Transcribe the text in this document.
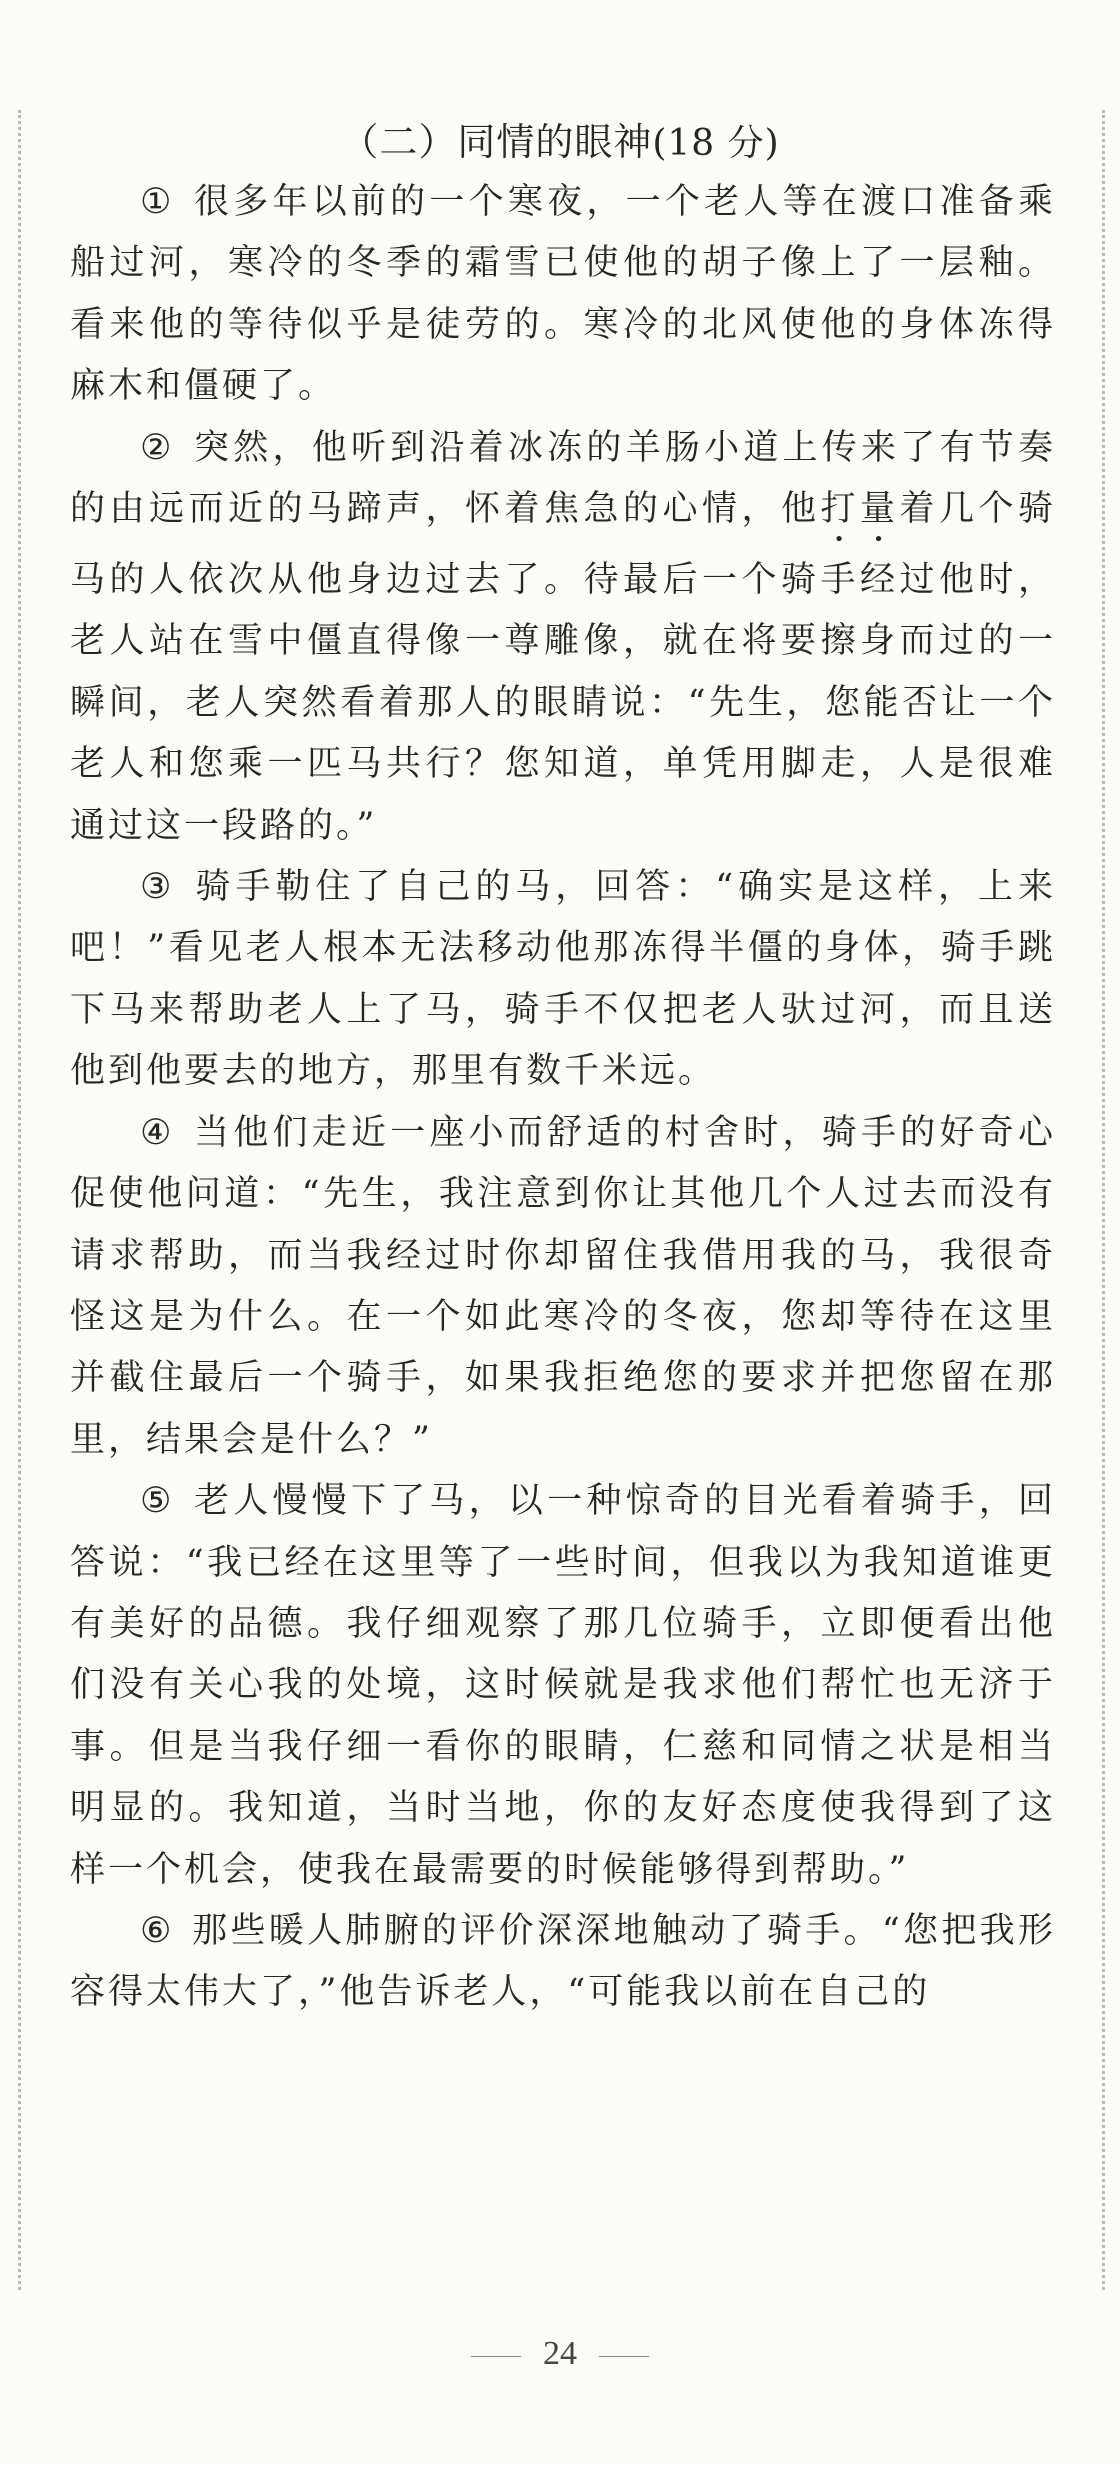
（二）同情的眼神(18 分)

① 很多年以前的一个寒夜，一个老人等在渡口准备乘船过河，寒冷的冬季的霜雪已使他的胡子像上了一层釉。看来他的等待似乎是徒劳的。寒冷的北风使他的身体冻得麻木和僵硬了。

② 突然，他听到沿着冰冻的羊肠小道上传来了有节奏的由远而近的马蹄声，怀着焦急的心情，他打量着几个骑马的人依次从他身边过去了。待最后一个骑手经过他时，老人站在雪中僵直得像一尊雕像，就在将要擦身而过的一瞬间，老人突然看着那人的眼睛说：“先生，您能否让一个老人和您乘一匹马共行？您知道，单凭用脚走，人是很难通过这一段路的。”

③ 骑手勒住了自己的马，回答：“确实是这样，上来吧！”看见老人根本无法移动他那冻得半僵的身体，骑手跳下马来帮助老人上了马，骑手不仅把老人驮过河，而且送他到他要去的地方，那里有数千米远。

④ 当他们走近一座小而舒适的村舍时，骑手的好奇心促使他问道：“先生，我注意到你让其他几个人过去而没有请求帮助，而当我经过时你却留住我借用我的马，我很奇怪这是为什么。在一个如此寒冷的冬夜，您却等待在这里并截住最后一个骑手，如果我拒绝您的要求并把您留在那里，结果会是什么？”

⑤ 老人慢慢下了马，以一种惊奇的目光看着骑手，回答说：“我已经在这里等了一些时间，但我以为我知道谁更有美好的品德。我仔细观察了那几位骑手，立即便看出他们没有关心我的处境，这时候就是我求他们帮忙也无济于事。但是当我仔细一看你的眼睛，仁慈和同情之状是相当明显的。我知道，当时当地，你的友好态度使我得到了这样一个机会，使我在最需要的时候能够得到帮助。”

⑥ 那些暖人肺腑的评价深深地触动了骑手。“您把我形容得太伟大了，”他告诉老人，“可能我以前在自己的

24
